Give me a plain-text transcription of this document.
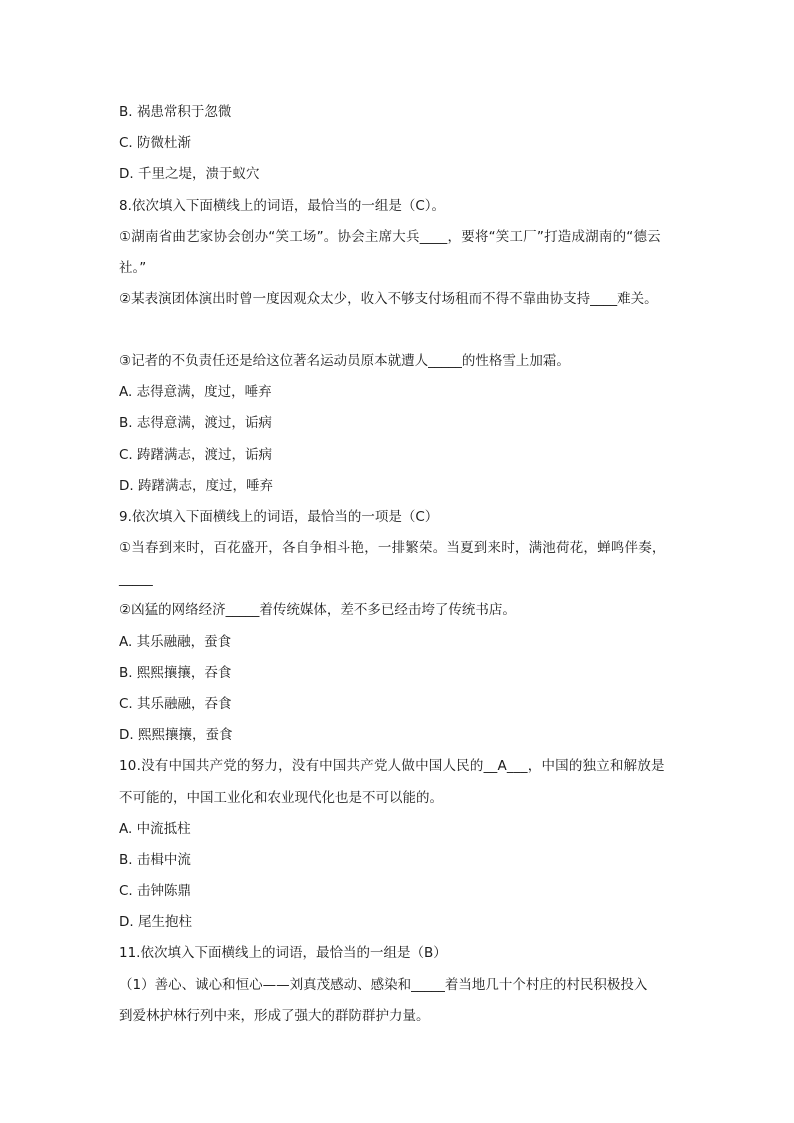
B. 祸患常积于忽微
C. 防微杜渐
D. 千里之堤，溃于蚁穴
8.依次填入下面横线上的词语，最恰当的一组是（C）。
①湖南省曲艺家协会创办“笑工场”。协会主席大兵____，要将“笑工厂”打造成湖南的“德云
社。”
②某表演团体演出时曾一度因观众太少，收入不够支付场租而不得不靠曲协支持____难关。
③记者的不负责任还是给这位著名运动员原本就遭人_____的性格雪上加霜。
A. 志得意满，度过，唾弃
B. 志得意满，渡过，诟病
C. 踌躇满志，渡过，诟病
D. 踌躇满志，度过，唾弃
9.依次填入下面横线上的词语，最恰当的一项是（C）
①当春到来时，百花盛开，各自争相斗艳，一排繁荣。当夏到来时，满池荷花，蝉鸣伴奏，
_____
②凶猛的网络经济_____着传统媒体，差不多已经击垮了传统书店。
A. 其乐融融，蚕食
B. 熙熙攘攘，吞食
C. 其乐融融，吞食
D. 熙熙攘攘，蚕食
10.没有中国共产党的努力，没有中国共产党人做中国人民的__A___，中国的独立和解放是
不可能的，中国工业化和农业现代化也是不可以能的。
A. 中流抵柱
B. 击楫中流
C. 击钟陈鼎
D. 尾生抱柱
11.依次填入下面横线上的词语，最恰当的一组是（B）
（1）善心、诚心和恒心——刘真茂感动、感染和_____着当地几十个村庄的村民积极投入
到爱林护林行列中来，形成了强大的群防群护力量。
